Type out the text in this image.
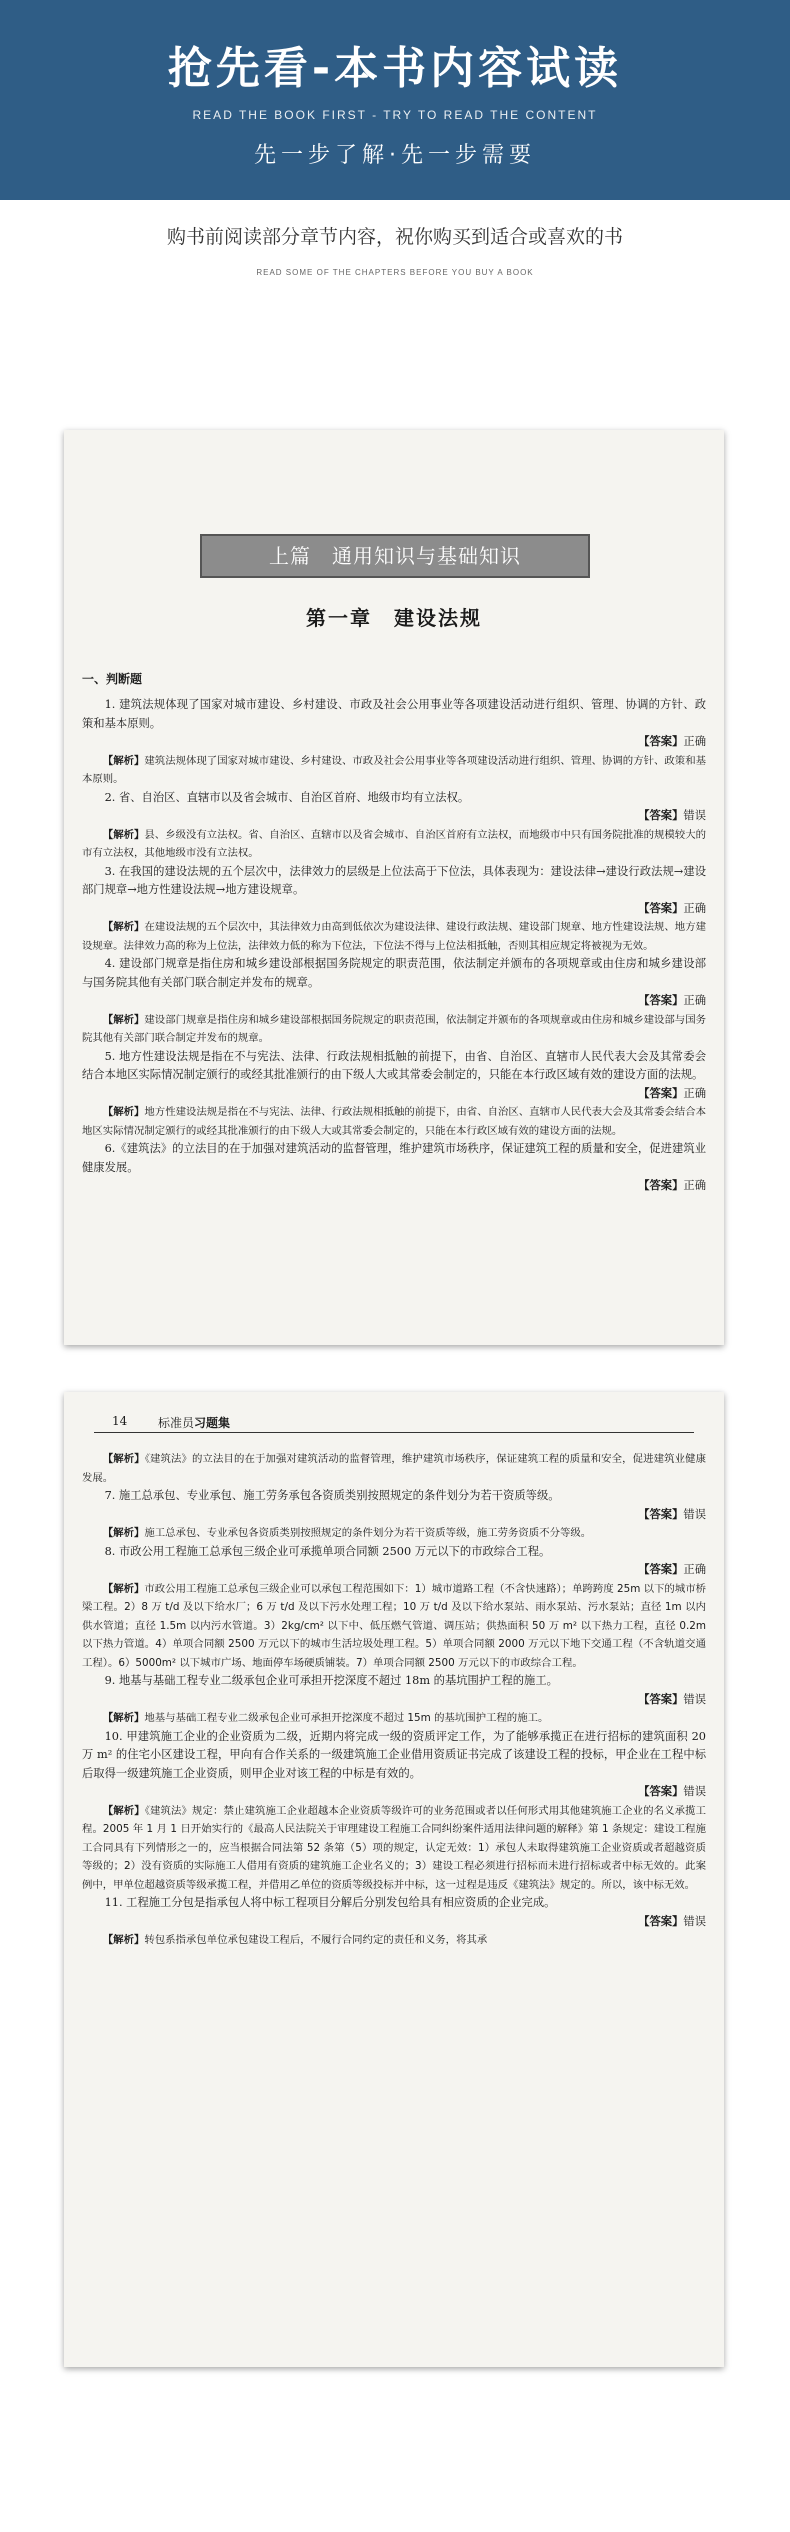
抢先看-本书内容试读
READ THE BOOK FIRST - TRY TO READ THE CONTENT
先一步了解·先一步需要
购书前阅读部分章节内容，祝你购买到适合或喜欢的书
READ SOME OF THE CHAPTERS BEFORE YOU BUY A BOOK
上篇　通用知识与基础知识
第一章　建设法规
一、判断题

1. 建筑法规体现了国家对城市建设、乡村建设、市政及社会公用事业等各项建设活动进行组织、管理、协调的方针、政策和基本原则。

【答案】正确

【解析】建筑法规体现了国家对城市建设、乡村建设、市政及社会公用事业等各项建设活动进行组织、管理、协调的方针、政策和基本原则。

2. 省、自治区、直辖市以及省会城市、自治区首府、地级市均有立法权。

【答案】错误

【解析】县、乡级没有立法权。省、自治区、直辖市以及省会城市、自治区首府有立法权，而地级市中只有国务院批准的规模较大的市有立法权，其他地级市没有立法权。

3. 在我国的建设法规的五个层次中，法律效力的层级是上位法高于下位法，具体表现为：建设法律→建设行政法规→建设部门规章→地方性建设法规→地方建设规章。

【答案】正确

【解析】在建设法规的五个层次中，其法律效力由高到低依次为建设法律、建设行政法规、建设部门规章、地方性建设法规、地方建设规章。法律效力高的称为上位法，法律效力低的称为下位法，下位法不得与上位法相抵触，否则其相应规定将被视为无效。

4. 建设部门规章是指住房和城乡建设部根据国务院规定的职责范围，依法制定并颁布的各项规章或由住房和城乡建设部与国务院其他有关部门联合制定并发布的规章。

【答案】正确

【解析】建设部门规章是指住房和城乡建设部根据国务院规定的职责范围，依法制定并颁布的各项规章或由住房和城乡建设部与国务院其他有关部门联合制定并发布的规章。

5. 地方性建设法规是指在不与宪法、法律、行政法规相抵触的前提下，由省、自治区、直辖市人民代表大会及其常委会结合本地区实际情况制定颁行的或经其批准颁行的由下级人大或其常委会制定的，只能在本行政区域有效的建设方面的法规。

【答案】正确

【解析】地方性建设法规是指在不与宪法、法律、行政法规相抵触的前提下，由省、自治区、直辖市人民代表大会及其常委会结合本地区实际情况制定颁行的或经其批准颁行的由下级人大或其常委会制定的，只能在本行政区域有效的建设方面的法规。

6.《建筑法》的立法目的在于加强对建筑活动的监督管理，维护建筑市场秩序，保证建筑工程的质量和安全，促进建筑业健康发展。

【答案】正确

14	标准员习题集

【解析】《建筑法》的立法目的在于加强对建筑活动的监督管理，维护建筑市场秩序，保证建筑工程的质量和安全，促进建筑业健康发展。

7. 施工总承包、专业承包、施工劳务承包各资质类别按照规定的条件划分为若干资质等级。

【答案】错误

【解析】施工总承包、专业承包各资质类别按照规定的条件划分为若干资质等级，施工劳务资质不分等级。

8. 市政公用工程施工总承包三级企业可承揽单项合同额 2500 万元以下的市政综合工程。

【答案】正确

【解析】市政公用工程施工总承包三级企业可以承包工程范围如下：1）城市道路工程（不含快速路）；单跨跨度 25m 以下的城市桥梁工程。2）8 万 t/d 及以下给水厂；6 万 t/d 及以下污水处理工程；10 万 t/d 及以下给水泵站、雨水泵站、污水泵站；直径 1m 以内供水管道；直径 1.5m 以内污水管道。3）2kg/cm² 以下中、低压燃气管道、调压站；供热面积 50 万 m² 以下热力工程，直径 0.2m 以下热力管道。4）单项合同额 2500 万元以下的城市生活垃圾处理工程。5）单项合同额 2000 万元以下地下交通工程（不含轨道交通工程）。6）5000m² 以下城市广场、地面停车场硬质铺装。7）单项合同额 2500 万元以下的市政综合工程。

9. 地基与基础工程专业二级承包企业可承担开挖深度不超过 18m 的基坑围护工程的施工。

【答案】错误

【解析】地基与基础工程专业二级承包企业可承担开挖深度不超过 15m 的基坑围护工程的施工。

10. 甲建筑施工企业的企业资质为二级，近期内将完成一级的资质评定工作，为了能够承揽正在进行招标的建筑面积 20 万 m² 的住宅小区建设工程，甲向有合作关系的一级建筑施工企业借用资质证书完成了该建设工程的投标，甲企业在工程中标后取得一级建筑施工企业资质，则甲企业对该工程的中标是有效的。

【答案】错误

【解析】《建筑法》规定：禁止建筑施工企业超越本企业资质等级许可的业务范围或者以任何形式用其他建筑施工企业的名义承揽工程。2005 年 1 月 1 日开始实行的《最高人民法院关于审理建设工程施工合同纠纷案件适用法律问题的解释》第 1 条规定：建设工程施工合同具有下列情形之一的，应当根据合同法第 52 条第（5）项的规定，认定无效：1）承包人未取得建筑施工企业资质或者超越资质等级的；2）没有资质的实际施工人借用有资质的建筑施工企业名义的；3）建设工程必须进行招标而未进行招标或者中标无效的。此案例中，甲单位超越资质等级承揽工程，并借用乙单位的资质等级投标并中标，这一过程是违反《建筑法》规定的。所以，该中标无效。

11. 工程施工分包是指承包人将中标工程项目分解后分别发包给具有相应资质的企业完成。

【答案】错误

【解析】转包系指承包单位承包建设工程后，不履行合同约定的责任和义务，将其承
